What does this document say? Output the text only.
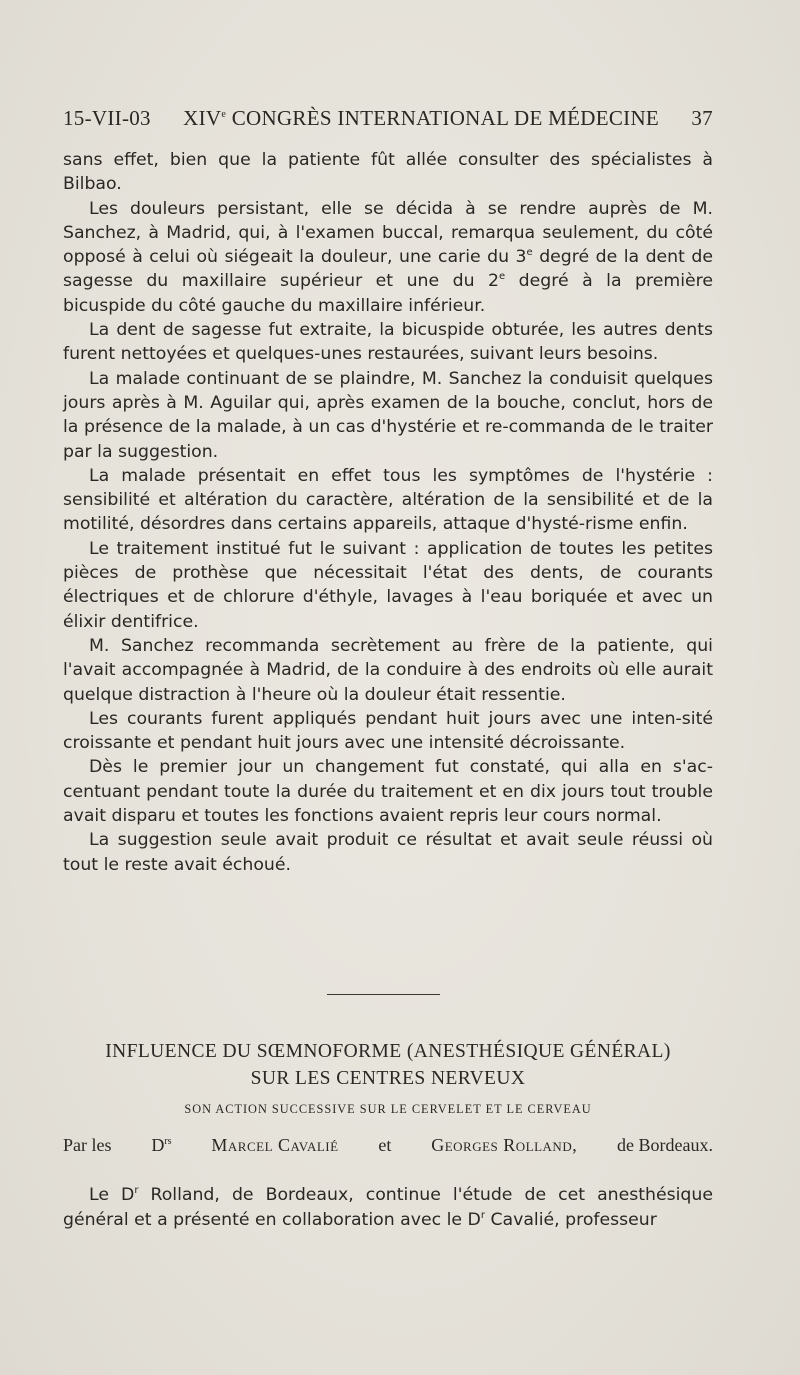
15-VII-03 XIVe CONGRÈS INTERNATIONAL DE MÉDECINE 37

sans effet, bien que la patiente fût allée consulter des spécialistes à Bilbao.

Les douleurs persistant, elle se décida à se rendre auprès de M. Sanchez, à Madrid, qui, à l'examen buccal, remarqua seulement, du côté opposé à celui où siégeait la douleur, une carie du 3e degré de la dent de sagesse du maxillaire supérieur et une du 2e degré à la première bicuspide du côté gauche du maxillaire inférieur.

La dent de sagesse fut extraite, la bicuspide obturée, les autres dents furent nettoyées et quelques-unes restaurées, suivant leurs besoins.

La malade continuant de se plaindre, M. Sanchez la conduisit quelques jours après à M. Aguilar qui, après examen de la bouche, conclut, hors de la présence de la malade, à un cas d'hystérie et re-commanda de le traiter par la suggestion.

La malade présentait en effet tous les symptômes de l'hystérie : sensibilité et altération du caractère, altération de la sensibilité et de la motilité, désordres dans certains appareils, attaque d'hysté-risme enfin.

Le traitement institué fut le suivant : application de toutes les petites pièces de prothèse que nécessitait l'état des dents, de courants électriques et de chlorure d'éthyle, lavages à l'eau boriquée et avec un élixir dentifrice.

M. Sanchez recommanda secrètement au frère de la patiente, qui l'avait accompagnée à Madrid, de la conduire à des endroits où elle aurait quelque distraction à l'heure où la douleur était ressentie.

Les courants furent appliqués pendant huit jours avec une inten-sité croissante et pendant huit jours avec une intensité décroissante.

Dès le premier jour un changement fut constaté, qui alla en s'ac-centuant pendant toute la durée du traitement et en dix jours tout trouble avait disparu et toutes les fonctions avaient repris leur cours normal.

La suggestion seule avait produit ce résultat et avait seule réussi où tout le reste avait échoué.

INFLUENCE DU SŒMNOFORME (ANESTHÉSIQUE GÉNÉRAL)
SUR LES CENTRES NERVEUX
SON ACTION SUCCESSIVE SUR LE CERVELET ET LE CERVEAU
Par les $D^{rs}$ Marcel Cavalié et Georges Rolland, de Bordeaux.

Le $D^r$ Rolland, de Bordeaux, continue l'étude de cet anesthésique général et a présenté en collaboration avec le $D^r$ Cavalié, professeur
